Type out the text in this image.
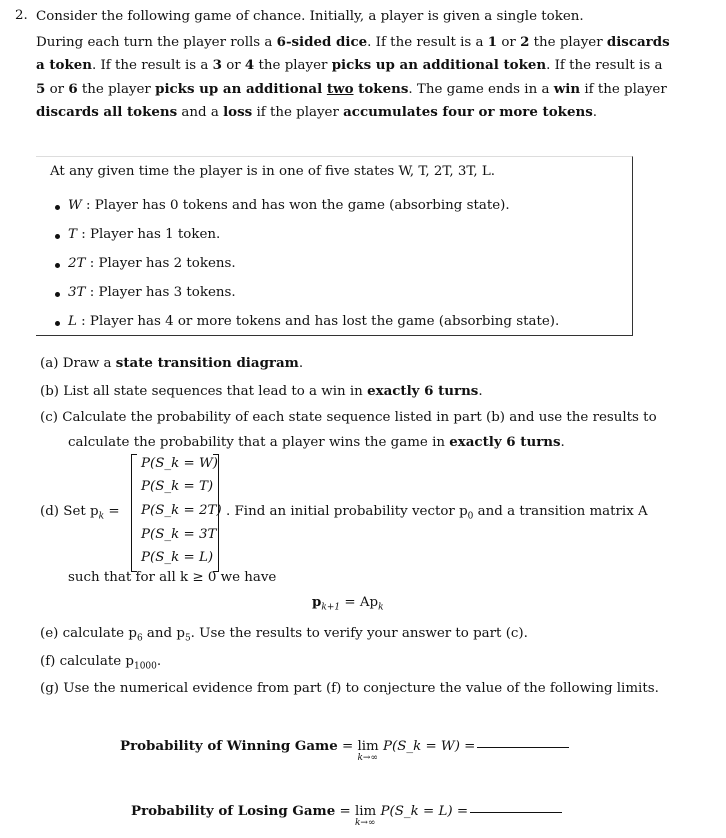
2. Consider the following game of chance. Initially, a player is given a single token.
During each turn the player rolls a 6-sided dice. If the result is a 1 or 2 the player discards
a token. If the result is a 3 or 4 the player picks up an additional token. If the result is a
5 or 6 the player picks up an additional two tokens. The game ends in a win if the player
discards all tokens and a loss if the player accumulates four or more tokens.
At any given time the player is in one of five states W, T, 2T, 3T, L.
W : Player has 0 tokens and has won the game (absorbing state).
T : Player has 1 token.
2T : Player has 2 tokens.
3T : Player has 3 tokens.
L : Player has 4 or more tokens and has lost the game (absorbing state).
(a) Draw a state transition diagram.
(b) List all state sequences that lead to a win in exactly 6 turns.
(c) Calculate the probability of each state sequence listed in part (b) and use the results to
calculate the probability that a player wins the game in exactly 6 turns.
(d) Set $p_k$ =
P(S_k = W)
P(S_k = T)
P(S_k = 2T)
P(S_k = 3T
P(S_k = L)
. Find an initial probability vector $p_0$ and a transition matrix A
such that for all k ≥ 0 we have
$p_{k+1} = Ap_k$
(e) calculate $p_6$ and $p_5$. Use the results to verify your answer to part (c).
(f) calculate $p_{1000}$.
(g) Use the numerical evidence from part (f) to conjecture the value of the following limits.
Probability of Winning Game = lim
k→∞
P(S_k = W) =
Probability of Losing Game = lim
k→∞
P(S_k = L) =
